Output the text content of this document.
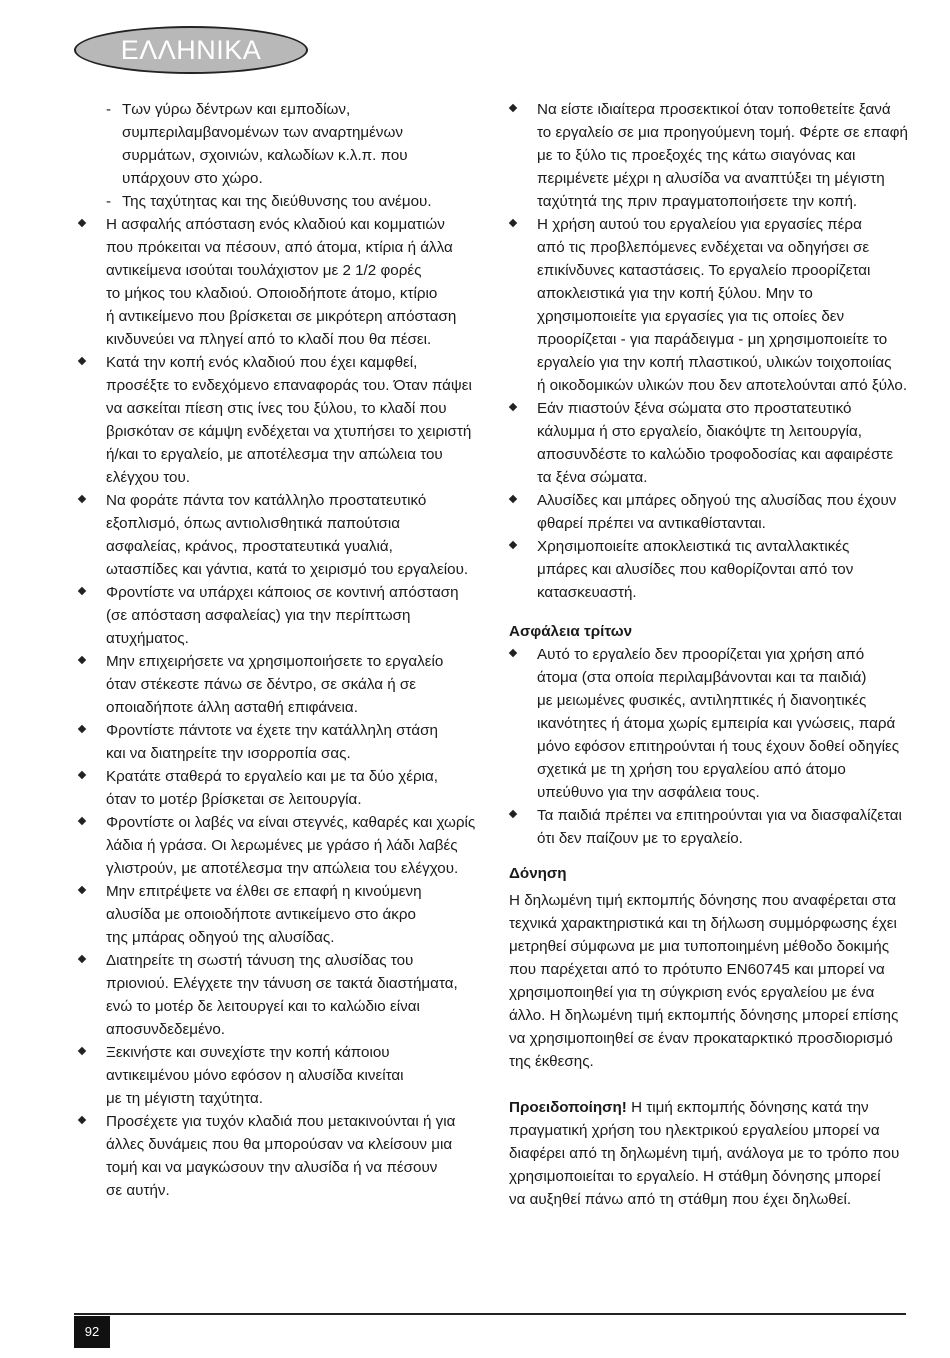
ΕΛΛΗΝΙΚΑ
- Των γύρω δέντρων και εμποδίων,
συμπεριλαμβανομένων των αναρτημένων
συρμάτων, σχοινιών, καλωδίων κ.λ.π. που
υπάρχουν στο χώρο.
- Της ταχύτητας και της διεύθυνσης του ανέμου.
Η ασφαλής απόσταση ενός κλαδιού και κομματιών
που πρόκειται να πέσουν, από άτομα, κτίρια ή άλλα
αντικείμενα ισούται τουλάχιστον με 2 1/2 φορές
το μήκος του κλαδιού. Οποιοδήποτε άτομο, κτίριο
ή αντικείμενο που βρίσκεται σε μικρότερη απόσταση
κινδυνεύει να πληγεί από το κλαδί που θα πέσει.
Κατά την κοπή ενός κλαδιού που έχει καμφθεί,
προσέξτε το ενδεχόμενο επαναφοράς του. Όταν πάψει
να ασκείται πίεση στις ίνες του ξύλου, το κλαδί που
βρισκόταν σε κάμψη ενδέχεται να χτυπήσει το χειριστή
ή/και το εργαλείο, με αποτέλεσμα την απώλεια του
ελέγχου του.
Να φοράτε πάντα τον κατάλληλο προστατευτικό
εξοπλισμό, όπως αντιολισθητικά παπούτσια
ασφαλείας, κράνος, προστατευτικά γυαλιά,
ωτασπίδες και γάντια, κατά το χειρισμό του εργαλείου.
Φροντίστε να υπάρχει κάποιος σε κοντινή απόσταση
(σε απόσταση ασφαλείας) για την περίπτωση
ατυχήματος.
Μην επιχειρήσετε να χρησιμοποιήσετε το εργαλείο
όταν στέκεστε πάνω σε δέντρο, σε σκάλα ή σε
οποιαδήποτε άλλη ασταθή επιφάνεια.
Φροντίστε πάντοτε να έχετε την κατάλληλη στάση
και να διατηρείτε την ισορροπία σας.
Κρατάτε σταθερά το εργαλείο και με τα δύο χέρια,
όταν το μοτέρ βρίσκεται σε λειτουργία.
Φροντίστε οι λαβές να είναι στεγνές, καθαρές και χωρίς
λάδια ή γράσα. Οι λερωμένες με γράσο ή λάδι λαβές
γλιστρούν, με αποτέλεσμα την απώλεια του ελέγχου.
Μην επιτρέψετε να έλθει σε επαφή η κινούμενη
αλυσίδα με οποιοδήποτε αντικείμενο στο άκρο
της μπάρας οδηγού της αλυσίδας.
Διατηρείτε τη σωστή τάνυση της αλυσίδας του
πριονιού. Ελέγχετε την τάνυση σε τακτά διαστήματα,
ενώ το μοτέρ δε λειτουργεί και το καλώδιο είναι
αποσυνδεδεμένο.
Ξεκινήστε και συνεχίστε την κοπή κάποιου
αντικειμένου μόνο εφόσον η αλυσίδα κινείται
με τη μέγιστη ταχύτητα.
Προσέχετε για τυχόν κλαδιά που μετακινούνται ή για
άλλες δυνάμεις που θα μπορούσαν να κλείσουν μια
τομή και να μαγκώσουν την αλυσίδα ή να πέσουν
σε αυτήν.
Να είστε ιδιαίτερα προσεκτικοί όταν τοποθετείτε ξανά
το εργαλείο σε μια προηγούμενη τομή. Φέρτε σε επαφή
με το ξύλο τις προεξοχές της κάτω σιαγόνας και
περιμένετε μέχρι η αλυσίδα να αναπτύξει τη μέγιστη
ταχύτητά της πριν πραγματοποιήσετε την κοπή.
Η χρήση αυτού του εργαλείου για εργασίες πέρα
από τις προβλεπόμενες ενδέχεται να οδηγήσει σε
επικίνδυνες καταστάσεις. Το εργαλείο προορίζεται
αποκλειστικά για την κοπή ξύλου. Μην το
χρησιμοποιείτε για εργασίες για τις οποίες δεν
προορίζεται - για παράδειγμα - μη χρησιμοποιείτε το
εργαλείο για την κοπή πλαστικού, υλικών τοιχοποιίας
ή οικοδομικών υλικών που δεν αποτελούνται από ξύλο.
Εάν πιαστούν ξένα σώματα στο προστατευτικό
κάλυμμα ή στο εργαλείο, διακόψτε τη λειτουργία,
αποσυνδέστε το καλώδιο τροφοδοσίας και αφαιρέστε
τα ξένα σώματα.
Αλυσίδες και μπάρες οδηγού της αλυσίδας που έχουν
φθαρεί πρέπει να αντικαθίστανται.
Χρησιμοποιείτε αποκλειστικά τις ανταλλακτικές
μπάρες και αλυσίδες που καθορίζονται από τον
κατασκευαστή.
Ασφάλεια τρίτων
Αυτό το εργαλείο δεν προορίζεται για χρήση από
άτομα (στα οποία περιλαμβάνονται και τα παιδιά)
με μειωμένες φυσικές, αντιληπτικές ή διανοητικές
ικανότητες ή άτομα χωρίς εμπειρία και γνώσεις, παρά
μόνο εφόσον επιτηρούνται ή τους έχουν δοθεί οδηγίες
σχετικά με τη χρήση του εργαλείου από άτομο
υπεύθυνο για την ασφάλεια τους.
Τα παιδιά πρέπει να επιτηρούνται για να διασφαλίζεται
ότι δεν παίζουν με το εργαλείο.
Δόνηση
Η δηλωμένη τιμή εκπομπής δόνησης που αναφέρεται στα
τεχνικά χαρακτηριστικά και τη δήλωση συμμόρφωσης έχει
μετρηθεί σύμφωνα με μια τυποποιημένη μέθοδο δοκιμής
που παρέχεται από το πρότυπο EN60745 και μπορεί να
χρησιμοποιηθεί για τη σύγκριση ενός εργαλείου με ένα
άλλο. Η δηλωμένη τιμή εκπομπής δόνησης μπορεί επίσης
να χρησιμοποιηθεί σε έναν προκαταρκτικό προσδιορισμό
της έκθεσης.
Προειδοποίηση! Η τιμή εκπομπής δόνησης κατά την
πραγματική χρήση του ηλεκτρικού εργαλείου μπορεί να
διαφέρει από τη δηλωμένη τιμή, ανάλογα με το τρόπο που
χρησιμοποιείται το εργαλείο. Η στάθμη δόνησης μπορεί
να αυξηθεί πάνω από τη στάθμη που έχει δηλωθεί.
92
